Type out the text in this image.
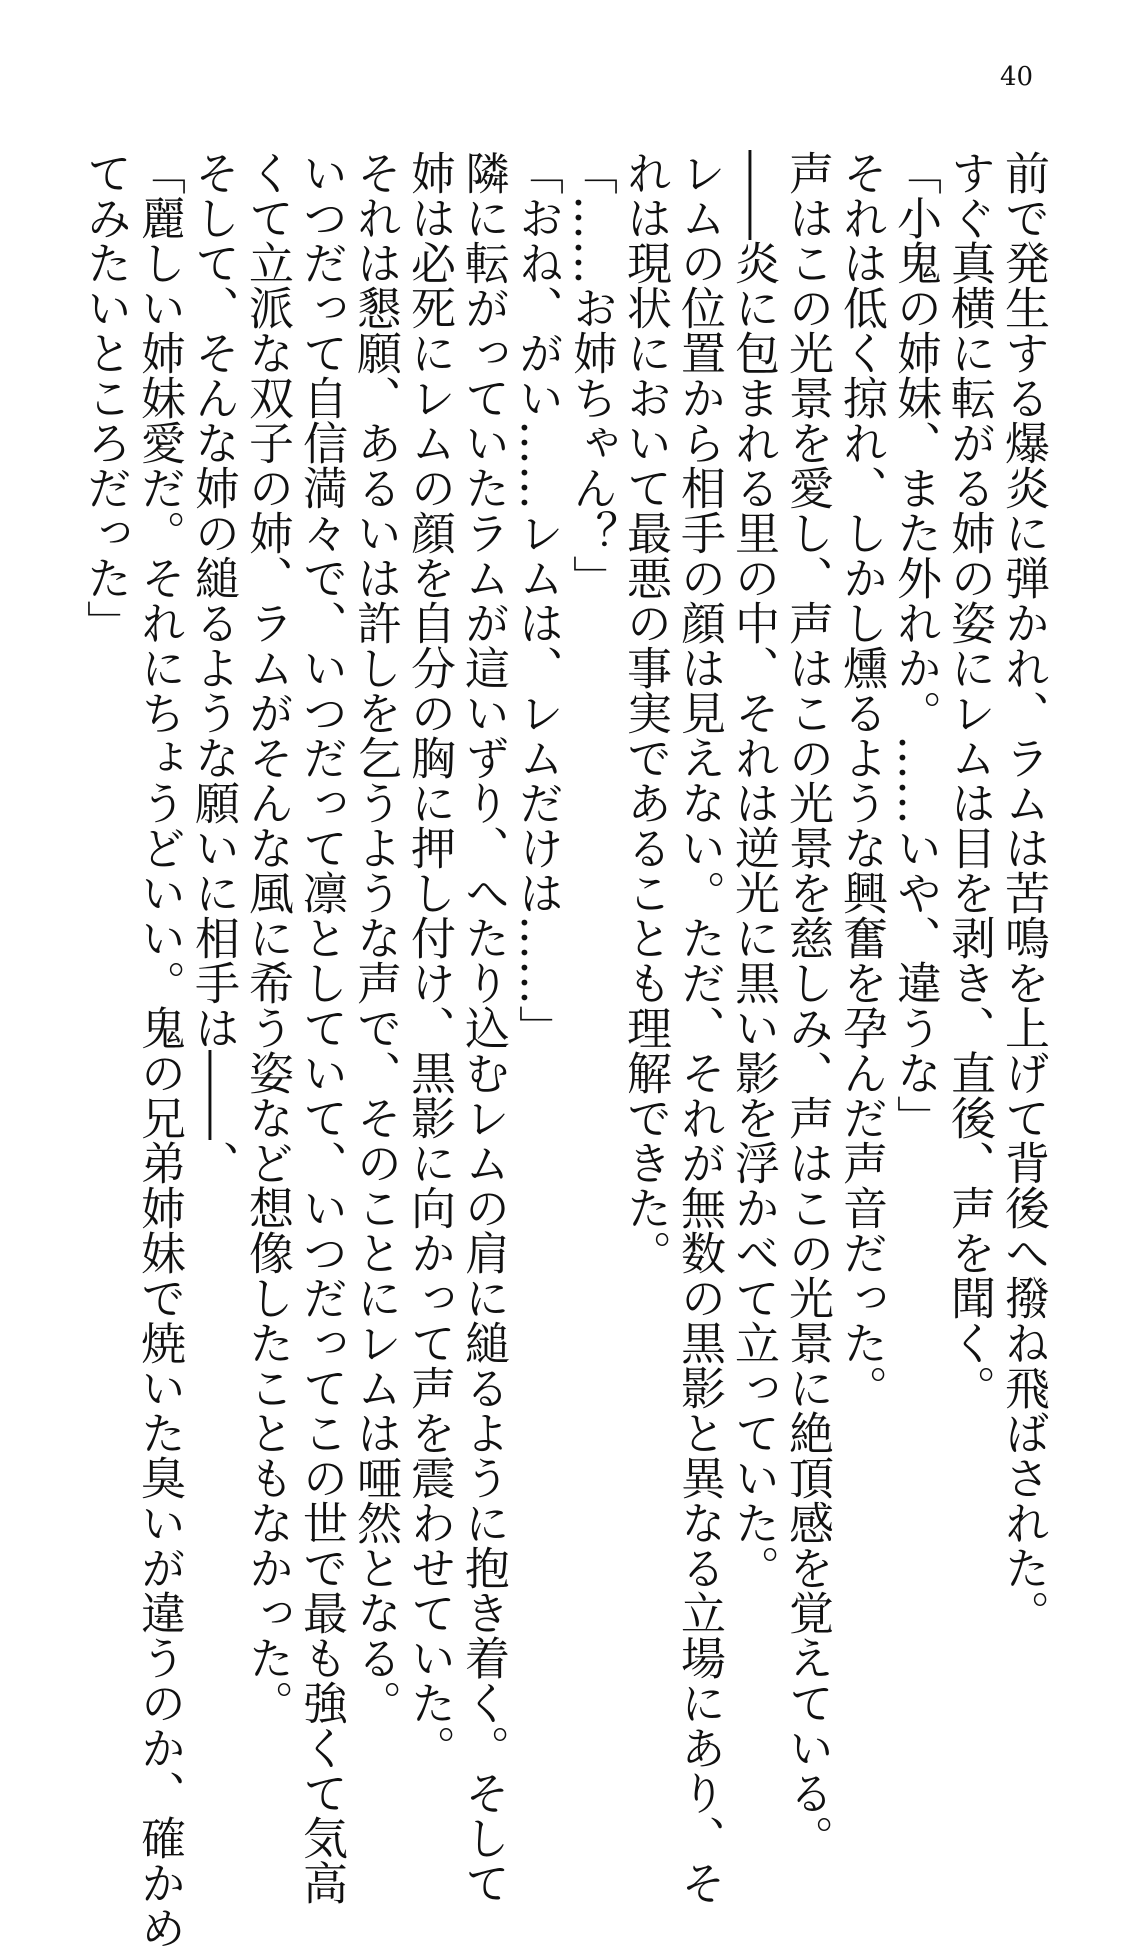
40

前で発生する爆炎に弾かれ、ラムは苦鳴を上げて背後へ撥ね飛ばされた。

すぐ真横に転がる姉の姿にレムは目を剥き、直後、声を聞く。

「小鬼の姉妹、また外れか。……いや、違うな」

それは低く掠れ、しかし燻るような興奮を孕んだ声音だった。

声はこの光景を愛し、声はこの光景を慈しみ、声はこの光景に絶頂感を覚えている。

――炎に包まれる里の中、それは逆光に黒い影を浮かべて立っていた。

レムの位置から相手の顔は見えない。ただ、それが無数の黒影と異なる立場にあり、そ

れは現状において最悪の事実であることも理解できた。

「……お姉ちゃん？」

「おね、がい……レムは、レムだけは……」

隣に転がっていたラムが這いずり、へたり込むレムの肩に縋るように抱き着く。そして

姉は必死にレムの顔を自分の胸に押し付け、黒影に向かって声を震わせていた。

それは懇願、あるいは許しを乞うような声で、そのことにレムは唖然となる。

いつだって自信満々で、いつだって凛としていて、いつだってこの世で最も強くて気高

くて立派な双子の姉、ラムがそんな風に希う姿など想像したこともなかった。

そして、そんな姉の縋るような願いに相手は――、

「麗しい姉妹愛だ。それにちょうどいい。鬼の兄弟姉妹で焼いた臭いが違うのか、確かめ

てみたいところだった」
